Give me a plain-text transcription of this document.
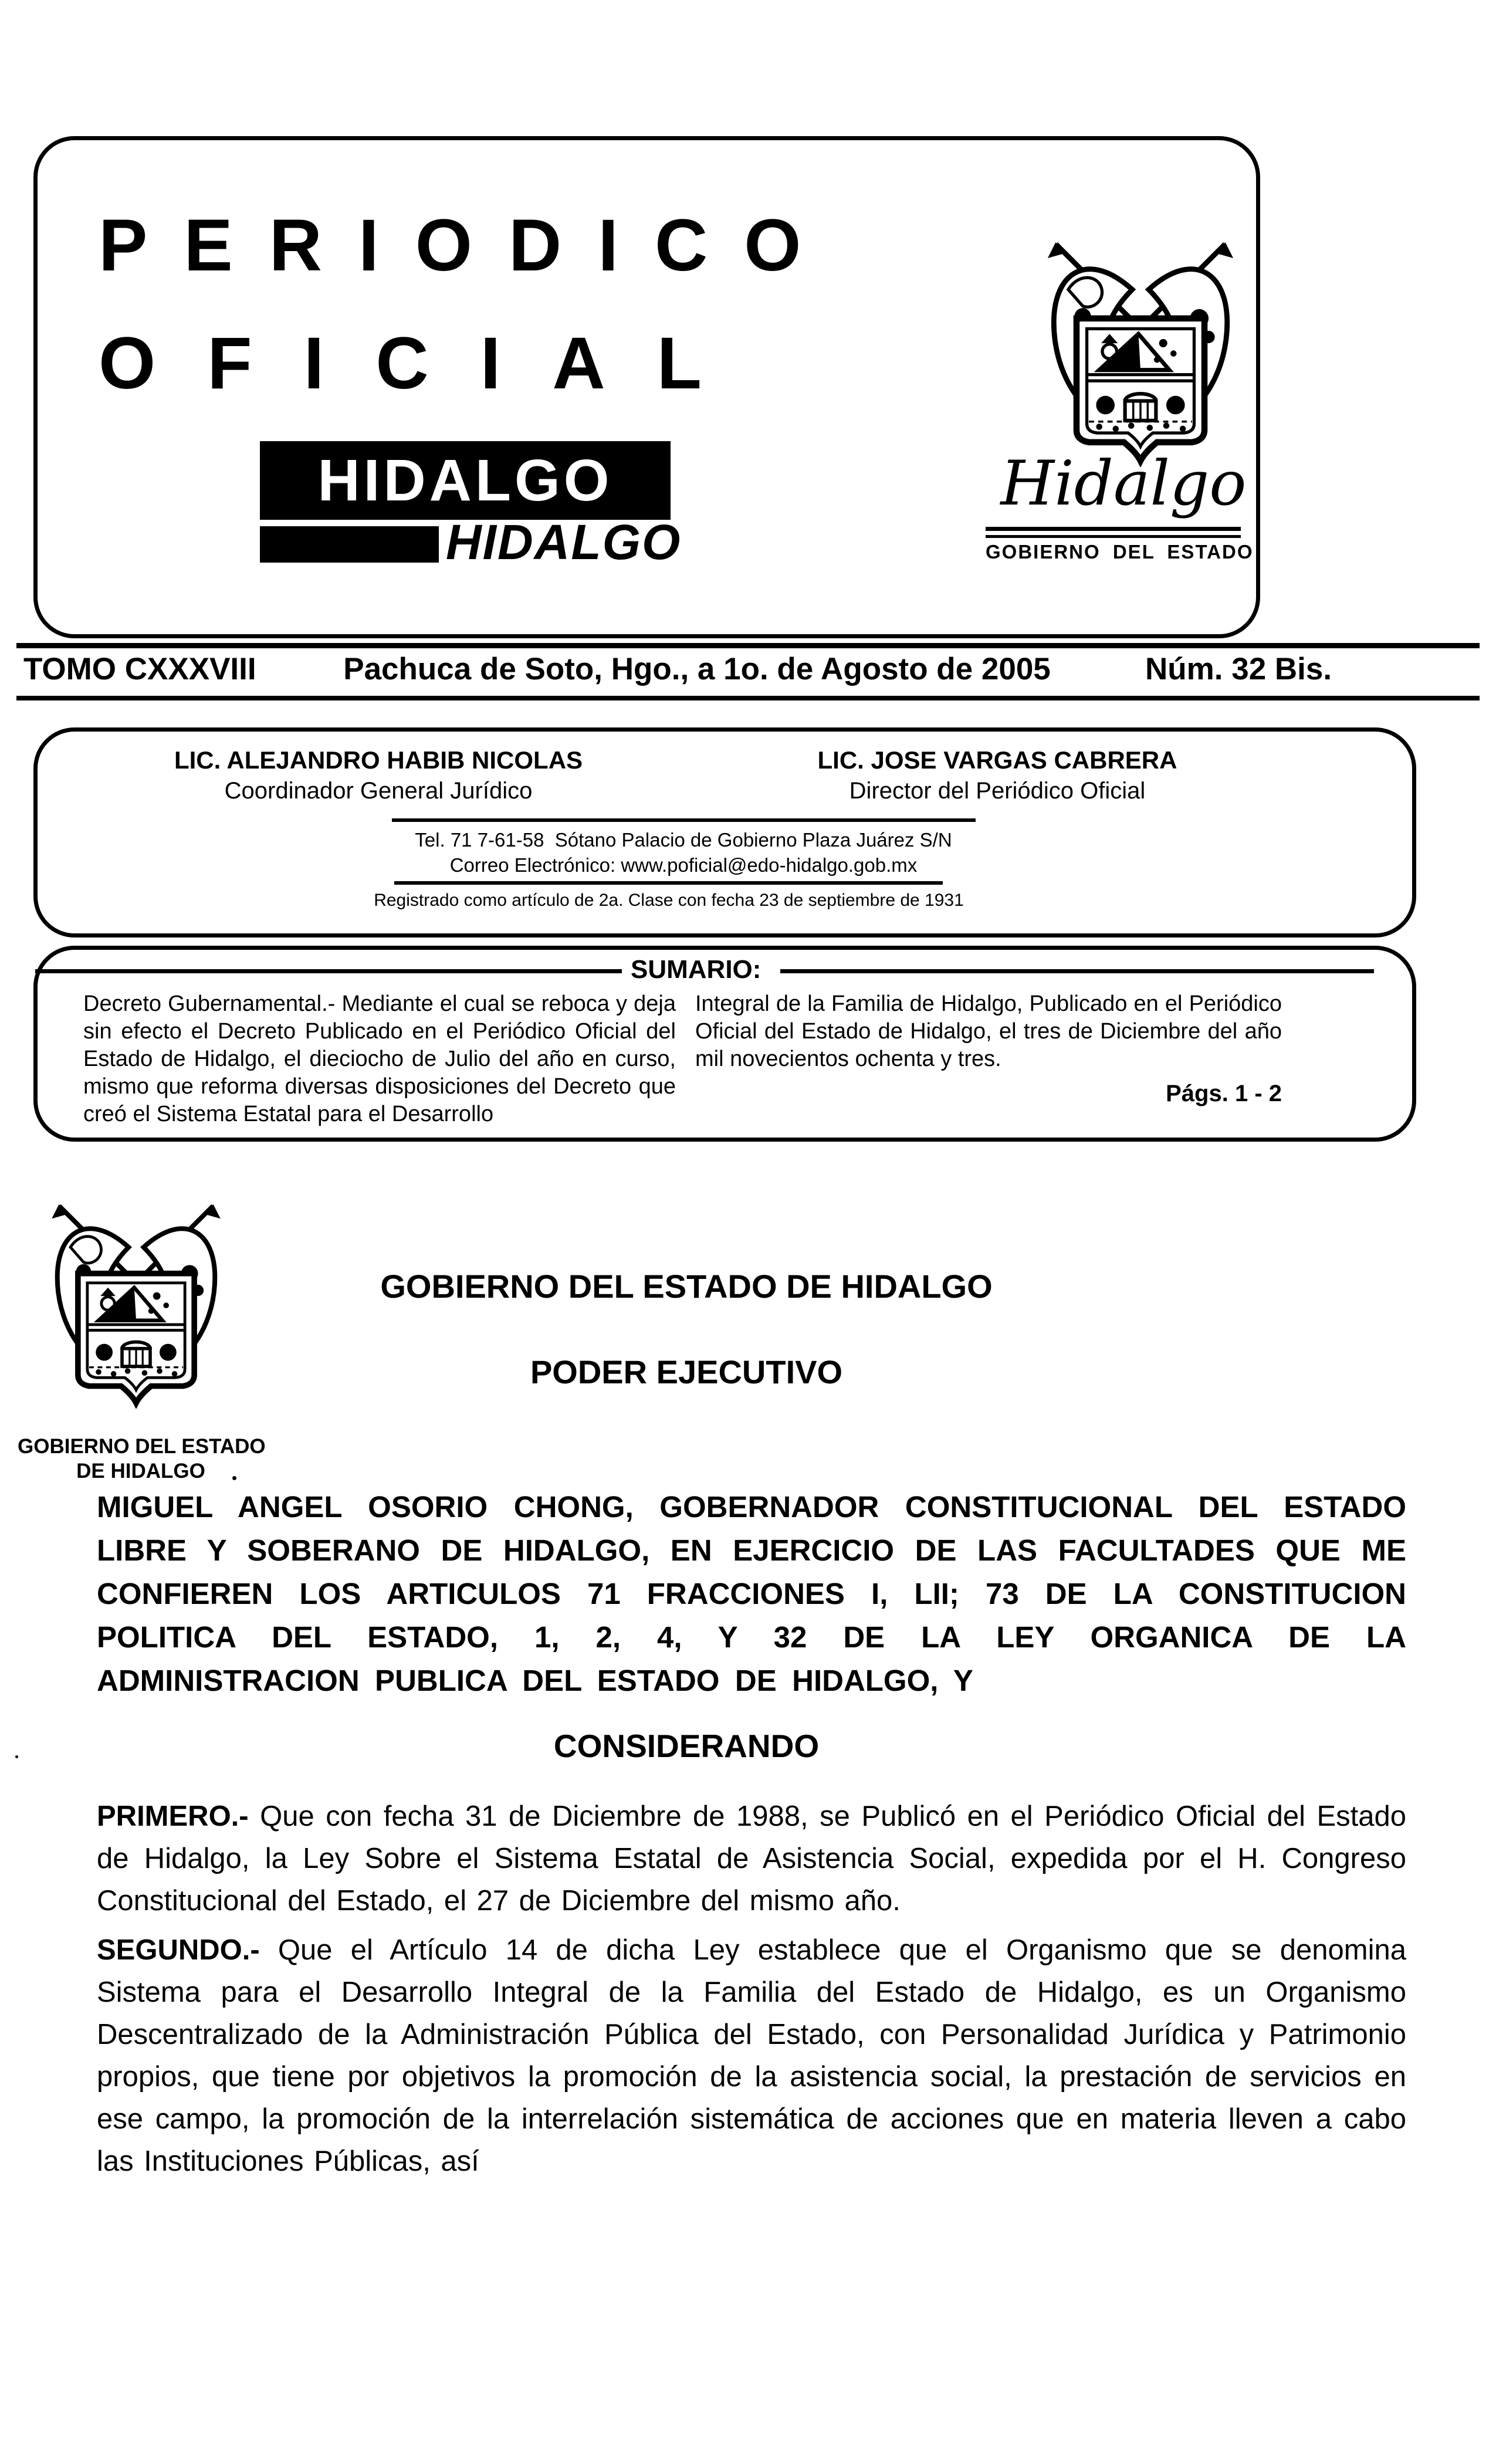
PERIODICO
OFICIAL
HIDALGO
HIDALGO
Hidalgo
GOBIERNO DEL ESTADO
TOMO CXXXVIII	Pachuca de Soto, Hgo., a 1o. de Agosto de 2005	Núm. 32 Bis.
LIC. ALEJANDRO HABIB NICOLAS
Coordinador General Jurídico
LIC. JOSE VARGAS CABRERA
Director del Periódico Oficial
Tel. 71 7-61-58  Sótano Palacio de Gobierno Plaza Juárez S/N
Correo Electrónico: www.poficial@edo-hidalgo.gob.mx
Registrado como artículo de 2a. Clase con fecha 23 de septiembre de 1931
SUMARIO:
Decreto Gubernamental.- Mediante el cual se reboca y deja sin efecto el Decreto Publicado en el Periódico Oficial del Estado de Hidalgo, el dieciocho de Julio del año en curso, mismo que reforma diversas disposiciones del Decreto que creó el Sistema Estatal para el Desarrollo
Integral de la Familia de Hidalgo, Publicado en el Periódico Oficial del Estado de Hidalgo, el tres de Diciembre del año mil novecientos ochenta y tres.
Págs. 1 - 2
GOBIERNO DEL ESTADO
DE HIDALGO
GOBIERNO DEL ESTADO DE HIDALGO
PODER EJECUTIVO
MIGUEL ANGEL OSORIO CHONG, GOBERNADOR CONSTITUCIONAL DEL ESTADO LIBRE Y SOBERANO DE HIDALGO, EN EJERCICIO DE LAS FACULTADES QUE ME CONFIEREN LOS ARTICULOS 71 FRACCIONES I, LII; 73 DE LA CONSTITUCION POLITICA DEL ESTADO, 1, 2, 4, Y 32 DE LA LEY ORGANICA DE LA ADMINISTRACION PUBLICA DEL ESTADO DE HIDALGO, Y
CONSIDERANDO
PRIMERO.- Que con fecha 31 de Diciembre de 1988, se Publicó en el Periódico Oficial del Estado de Hidalgo, la Ley Sobre el Sistema Estatal de Asistencia Social, expedida por el H. Congreso Constitucional del Estado, el 27 de Diciembre del mismo año.
SEGUNDO.- Que el Artículo 14 de dicha Ley establece que el Organismo que se denomina Sistema para el Desarrollo Integral de la Familia del Estado de Hidalgo, es un Organismo Descentralizado de la Administración Pública del Estado, con Personalidad Jurídica y Patrimonio propios, que tiene por objetivos la promoción de la asistencia social, la prestación de servicios en ese campo, la promoción de la interrelación sistemática de acciones que en materia lleven a cabo las Instituciones Públicas, así
